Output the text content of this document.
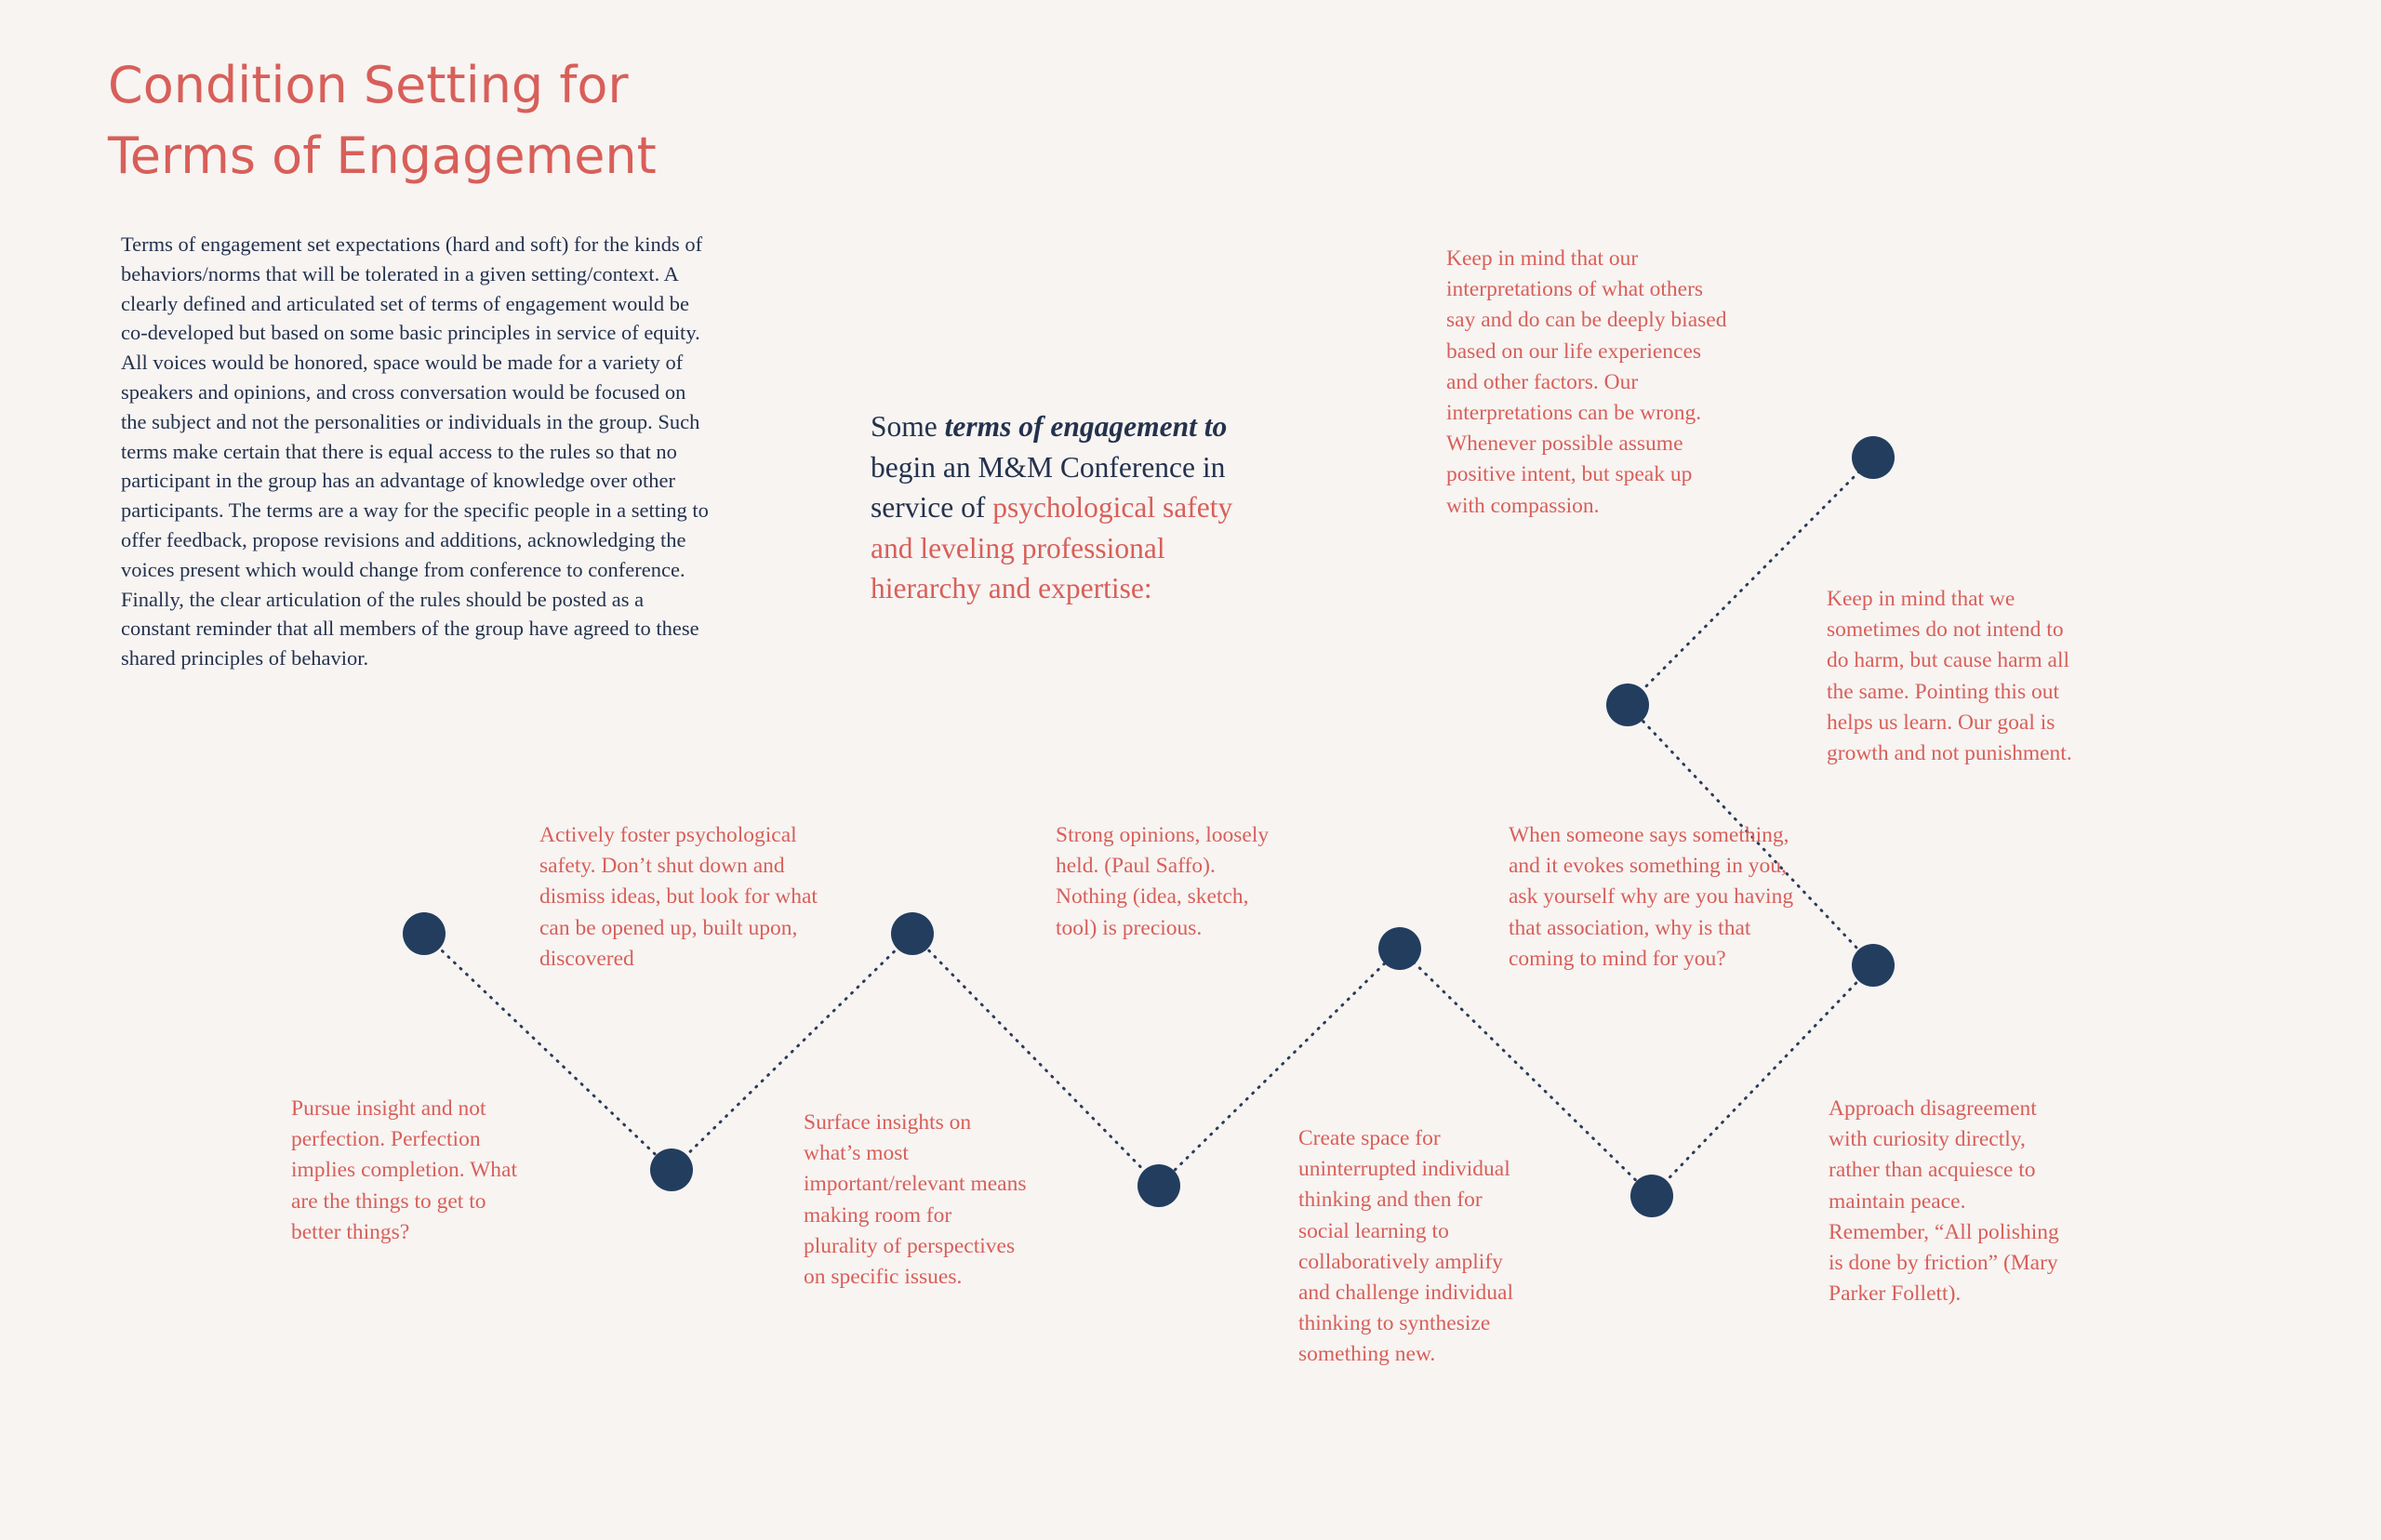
Condition Setting for
Terms of Engagement

Terms of engagement set expectations (hard and soft) for the kinds of behaviors/norms that will be tolerated in a given setting/context. A clearly defined and articulated set of terms of engagement would be co-developed but based on some basic principles in service of equity. All voices would be honored, space would be made for a variety of speakers and opinions, and cross conversation would be focused on the subject and not the personalities or individuals in the group. Such terms make certain that there is equal access to the rules so that no participant in the group has an advantage of knowledge over other participants. The terms are a way for the specific people in a setting to offer feedback, propose revisions and additions, acknowledging the voices present which would change from conference to conference. Finally, the clear articulation of the rules should be posted as a constant reminder that all members of the group have agreed to these shared principles of behavior.

Some terms of engagement to begin an M&M Conference in service of psychological safety and leveling professional hierarchy and expertise:

Pursue insight and not perfection. Perfection implies completion. What are the things to get to better things?

Actively foster psychological safety. Don’t shut down and dismiss ideas, but look for what can be opened up, built upon, discovered

Surface insights on what’s most important/relevant means making room for plurality of perspectives on specific issues.

Strong opinions, loosely held. (Paul Saffo). Nothing (idea, sketch, tool) is precious.

Create space for uninterrupted individual thinking and then for social learning to collaboratively amplify and challenge individual thinking to synthesize something new.

When someone says something, and it evokes something in you, ask yourself why are you having that association, why is that coming to mind for you?

Keep in mind that our interpretations of what others say and do can be deeply biased based on our life experiences and other factors. Our interpretations can be wrong. Whenever possible assume positive intent, but speak up with compassion.

Keep in mind that we sometimes do not intend to do harm, but cause harm all the same. Pointing this out helps us learn. Our goal is growth and not punishment.

Approach disagreement with curiosity directly, rather than acquiesce to maintain peace. Remember, “All polishing is done by friction” (Mary Parker Follett).
